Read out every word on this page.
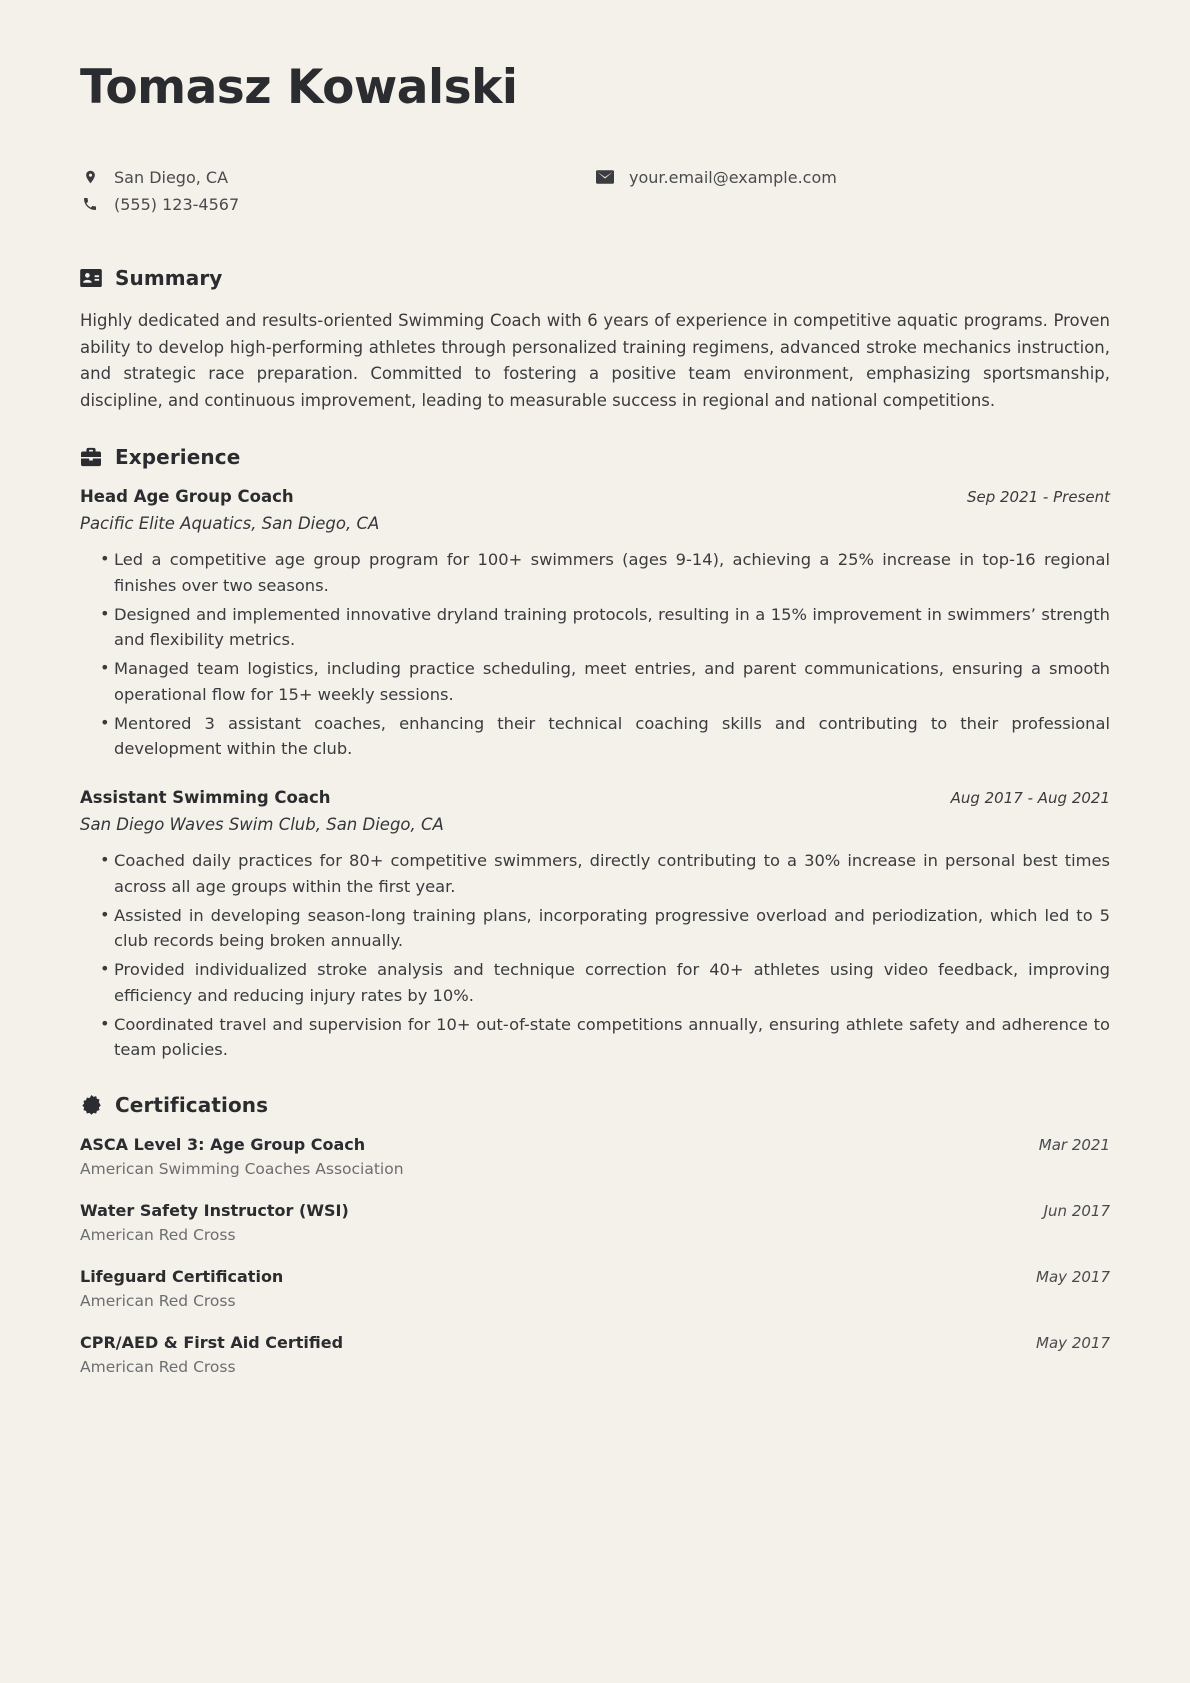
Tomasz Kowalski
San Diego, CA
(555) 123-4567
your.email@example.com
Summary

Highly dedicated and results-oriented Swimming Coach with 6 years of experience in competitive aquatic programs. Proven ability to develop high-performing athletes through personalized training regimens, advanced stroke mechanics instruction, and strategic race preparation. Committed to fostering a positive team environment, emphasizing sportsmanship, discipline, and continuous improvement, leading to measurable success in regional and national competitions.

Experience
Head Age Group Coach	Sep 2021 - Present
Pacific Elite Aquatics, San Diego, CA
• Led a competitive age group program for 100+ swimmers (ages 9-14), achieving a 25% increase in top-16 regional finishes over two seasons.
• Designed and implemented innovative dryland training protocols, resulting in a 15% improvement in swimmers’ strength and flexibility metrics.
• Managed team logistics, including practice scheduling, meet entries, and parent communications, ensuring a smooth operational flow for 15+ weekly sessions.
• Mentored 3 assistant coaches, enhancing their technical coaching skills and contributing to their professional development within the club.
Assistant Swimming Coach	Aug 2017 - Aug 2021
San Diego Waves Swim Club, San Diego, CA
• Coached daily practices for 80+ competitive swimmers, directly contributing to a 30% increase in personal best times across all age groups within the first year.
• Assisted in developing season-long training plans, incorporating progressive overload and periodization, which led to 5 club records being broken annually.
• Provided individualized stroke analysis and technique correction for 40+ athletes using video feedback, improving efficiency and reducing injury rates by 10%.
• Coordinated travel and supervision for 10+ out-of-state competitions annually, ensuring athlete safety and adherence to team policies.
Certifications
ASCA Level 3: Age Group Coach	Mar 2021
American Swimming Coaches Association
Water Safety Instructor (WSI)	Jun 2017
American Red Cross
Lifeguard Certification	May 2017
American Red Cross
CPR/AED & First Aid Certified	May 2017
American Red Cross
